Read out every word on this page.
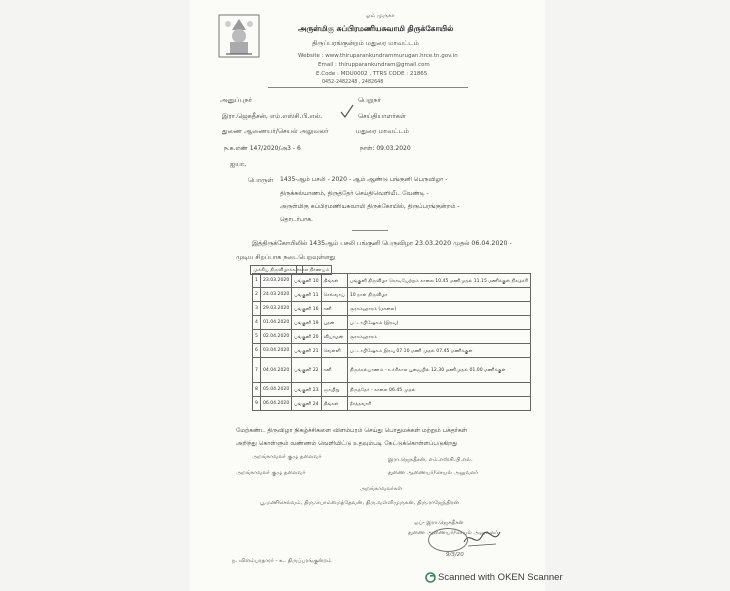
ஓம் முருகா
அருள்மிகு சுப்பிரமணியசுவாமி திருக்கோயில்
திருப்பரங்குன்றம் மதுரை மாவட்டம்
Website : www.thiruparankundrammurugan.hrce.tn.gov.in
Email : thirupparankundram@gmail.com
E.Code : MDU0002 , TTRS CODE : 21865
0452-2482248 , 2482648
அனுப்புநர்
இரா.ஜெகதீசன், எம்.எஸ்சி.பி.எல்.
துணை ஆணையர்/செயல் அலுவலர்
பெறுநர்
செய்தியாளர்கள்
மதுரை மாவட்டம்
ந.க.எண் 147/2020/அ3 - 6	நாள்: 09.03.2020
ஐயா,
பொருள் 1435-ஆம் பசலி - 2020 - ஆம் ஆண்டு பங்குனி பெருவிழா -
திருக்கல்யாணம், திருத்தேர் செய்திவெளியீட வேண்டி -
அருள்மிகு சுப்பிரமணியசுவாமி திருக்கோயில், திருப்பரங்குன்றம் -
தொடர்பாக.
இத்திருக்கோயிலில் 1435ஆம் பசலி பங்குனி பெருவிழா 23.03.2020 முதல் 06.04.2020 -
முடிய சிறப்பாக நடைபெறவுள்ளது
முக்கிய திருவிழாக்கள் கால நிர்ணயம்
1	23.03.2020	பங்குனி 10	திங்கள்	பங்குனி திருவிழா கொடியேற்றம் காலை 10.45 மணிமுதல் 11.15 மணிக்குள் நிகழ்ச்சி
2	24.03.2020	பங்குனி 11	செவ்வாய்	10 நாள் திருவிழா
3	29.03.2020	பங்குனி 16	சனி	சூரசம்ஹாரம் (மாலை)
4	01.04.2020	பங்குனி 19	புதன்	பட்டாபிஷேகம் (இரவு)
5	02.04.2020	பங்குனி 20	வியாழன்	சூரசம்ஹாரம்
6	03.04.2020	பங்குனி 21	வெள்ளி	பட்டாபிஷேகம் இரவு 07.10 மணி முதல் 07.45 மணிக்குள்
7	04.04.2020	பங்குனி 22	சனி	திருக்கல்யாணம் - உச்சிகால பூஜையில் 12.30 மணிமுதல் 01.00 மணிக்குள்
8	05.04.2020	பங்குனி 23	ஞாயிறு	திருத்தேர் - காலை 06.45 முதல்
9	06.04.2020	பங்குனி 24	திங்கள்	தீர்த்தவாரி
மேற்கண்ட திருவிழா நிகழ்ச்சிகளை விளம்பரம் செய்து பொதுமக்கள் மற்றும் பக்தர்கள்
அறிந்து கொள்ளும் வண்ணம் வெளியிட்டு உதவும்படி கேட்டுக்கொள்ளப்படுகிறது
அறங்காவலர் குழு தலைவர்	இரா.ஜெகதீசன், எம்.எஸ்சி.பி.எல்.
அறங்காவலர் குழு தலைவர்	துணை ஆணையர்/செயல் அலுவலர்
அறங்காவலர்கள்
பூ.மணிசெல்வம், திரு.பொம்மைத்தேவன், திரு.வள்ளிமுருகன், திரு.ராஜேந்திரன்
ஒப்- இரா.ஜெகதீசன்
துணை ஆணையர்/செயல் அலுவலர்
ந. விளம்பரதாரர் - உ. திருப்பரங்குன்றம்
9/3/20
Scanned with OKEN Scanner
